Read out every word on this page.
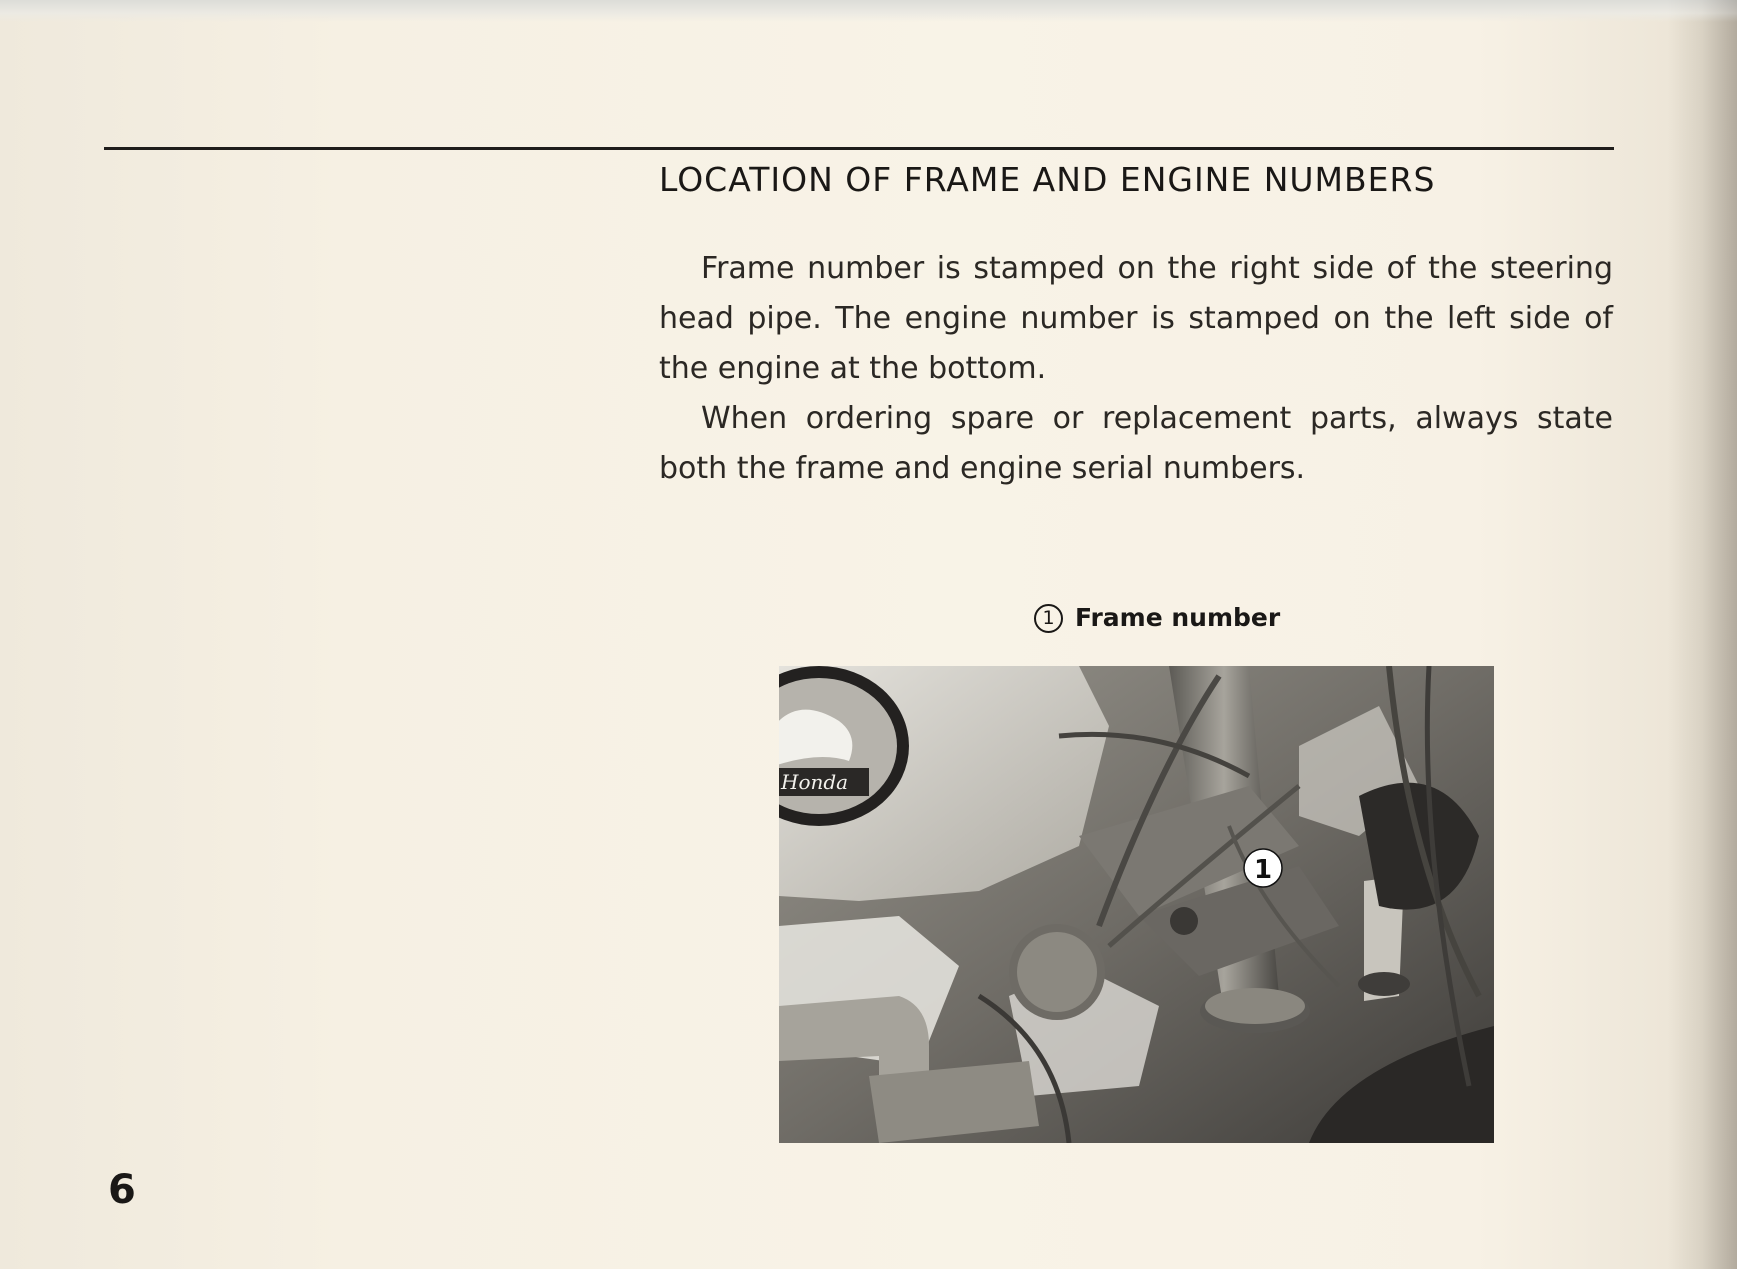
LOCATION OF FRAME AND ENGINE NUMBERS

Frame number is stamped on the right side of the steering head pipe. The engine number is stamped on the left side of the engine at the bottom.

When ordering spare or replacement parts, always state both the frame and engine serial numbers.

1 Frame number
Honda
1
6
